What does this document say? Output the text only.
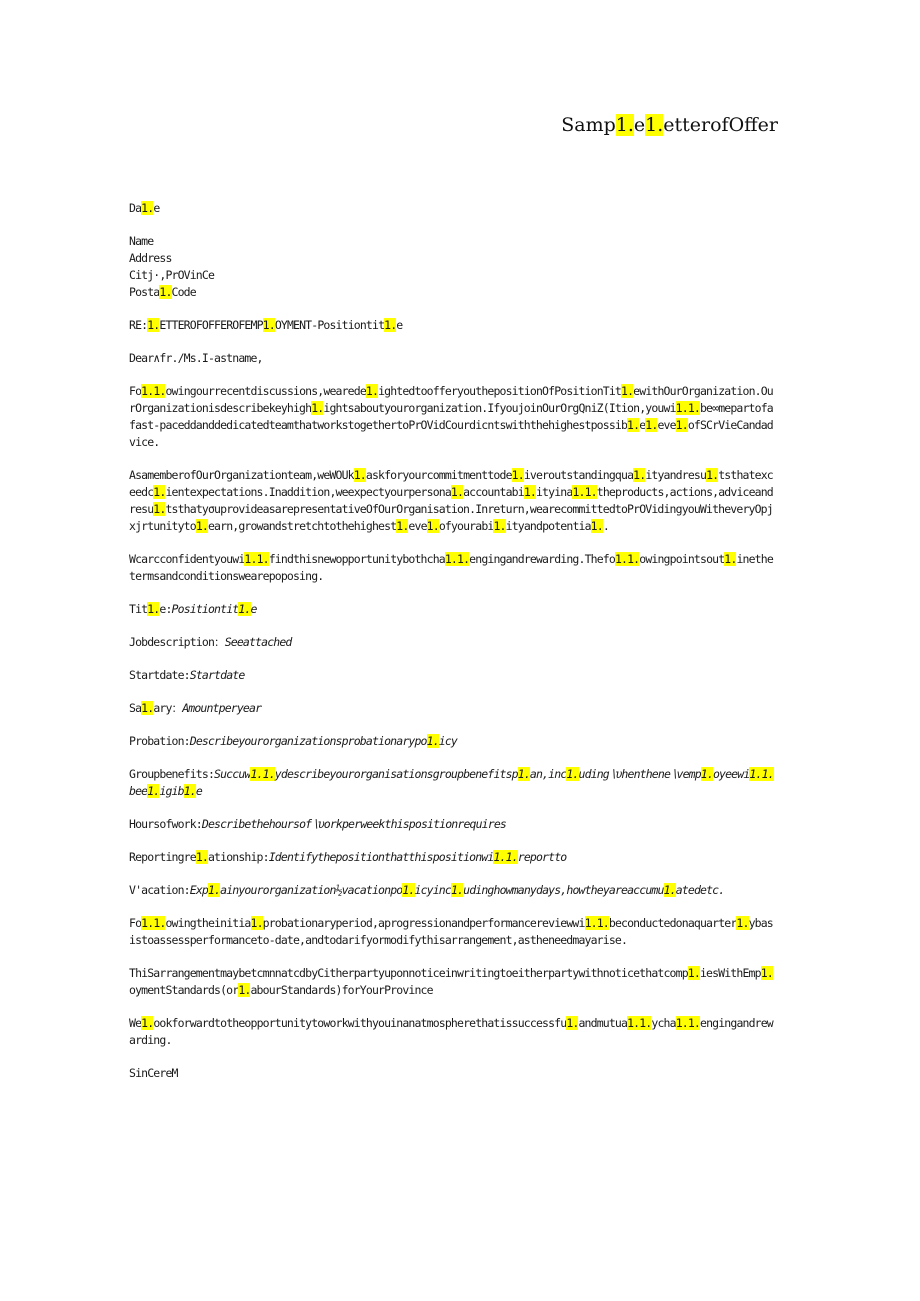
Samp1.e1.etterofOffer
Da1.e
Name
Address
Citj·,PrOVinCe
Posta1.Code
RE:1.ETTEROFOFFEROFEMP1.OYMENT-Positiontit1.e
Dear∧fr./Ms.I-astname,
Fo1.1.owingourrecentdiscussions,wearede1.ightedtoofferyouthepositionOfPositionTit1.ewithOurOrganization.OurOrganizationisdescribekeyhigh1.ightsaboutyourorganization.IfyoujoinOurOrgQniZ(Ition,youwi1.1.be∞mepartofafast-paceddanddedicatedteamthatworkstogethertoPrOVidCourdicntswiththehighestpossib1.e1.eve1.ofSCrVieCandadvice.
AsamemberofOurOrganizationteam,weWOUk1.askforyourcommitmenttode1.iveroutstandingqua1.ityandresu1.tsthatexceedc1.ientexpectations.Inaddition,weexpectyourpersona1.accountabi1.ityina1.1.theproducts,actions,adviceandresu1.tsthatyσuprovideasarepresentativeOfOurOrganisation.Inreturn,wearecommittedtoPrOVidingyouWitheveryOpjxjrtunityto1.earn,growandstretchtothehighest1.eve1.ofyourabi1.ityandpotentia1..
Wcarcconfidentyouwi1.1.findthisnewopportunitybothcha1.1.engingandrewarding.Thefo1.1.owingpointsout1.inethetermsandconditionswearepoposing.
Tit1.e:Positiontit1.e
Jobdescription：Seeattached
Startdate:Startdate
Sa1.ary：Amountperyear
Probation:Describeyourorganizationsprobationarypo1.icy
Groupbenefits:Succuw1.1.ydescribeyourorganisationsgroupbenefitsp1.an,inc1.uding∖υhenthene∖vemp1.oyeewi1.1.bee1.igib1.e
Hoursofwork:Describethehoursof∖υorkperweekthispositionrequires
Reportingre1.ationship:Identifythepositionthatthispositionwi1.1.reportto
V'acation:Exp1.ainyourorganization½vacationpo1.icyinc1.udinghowmanydays,howtheyareaccumu1.atedetc.
Fo1.1.owingtheinitia1.probationaryperiod,aprogressionandperformancereviewwi1.1.beconductedonaquarter1.ybasistoassessperformanceto-date,andtodarifyormodifythisarrangement,astheneedmayarise.
ThiSarrangementmaybetcmnnatcdbyCitherpartyuponnoticeinwritingtoeitherpartywithnoticethatcomp1.iesWithEmp1.oymentStandards(or1.abourStandards)forYourProvince
We1.ookforwardtotheopportunitytoworkwithyouinanatmospherethatissuccessfu1.andmutua1.1.ycha1.1.engingandrewarding.
SinCereM
